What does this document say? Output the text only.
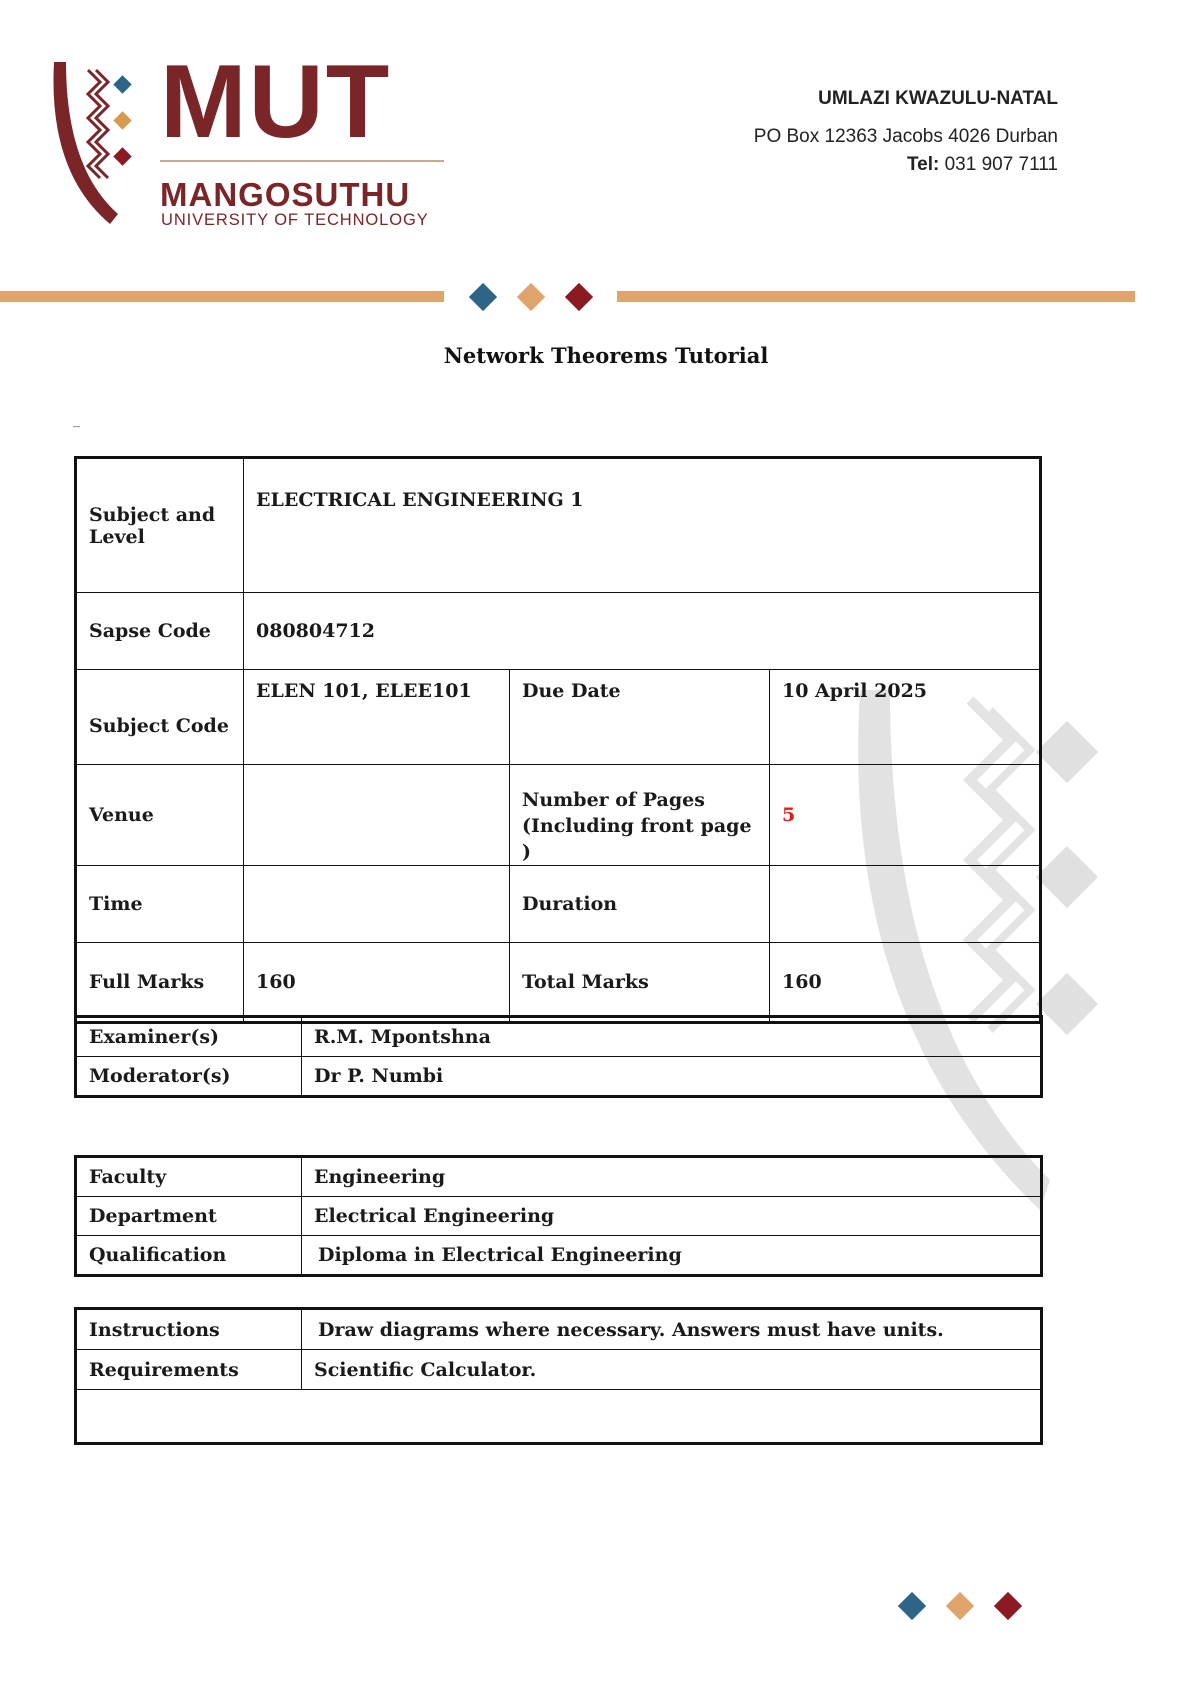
MUT
MANGOSUTHU
UNIVERSITY OF TECHNOLOGY
UMLAZI KWAZULU-NATAL
PO Box 12363 Jacobs 4026 Durban
Tel: 031 907 7111
Network Theorems Tutorial
_
Subject and Level	ELECTRICAL ENGINEERING 1		
Sapse Code	080804712		
Subject Code	ELEN 101, ELEE101	Due Date	10 April 2025
Venue		Number of Pages (Including front page )	5
Time		Duration	
Full Marks	160	Total Marks	160
Examiner(s)	R.M. Mpontshna
Moderator(s)	Dr P. Numbi
Faculty	Engineering
Department	Electrical Engineering
Qualification	Diploma in Electrical Engineering
Instructions	Draw diagrams where necessary. Answers must have units.
Requirements	Scientific Calculator.
